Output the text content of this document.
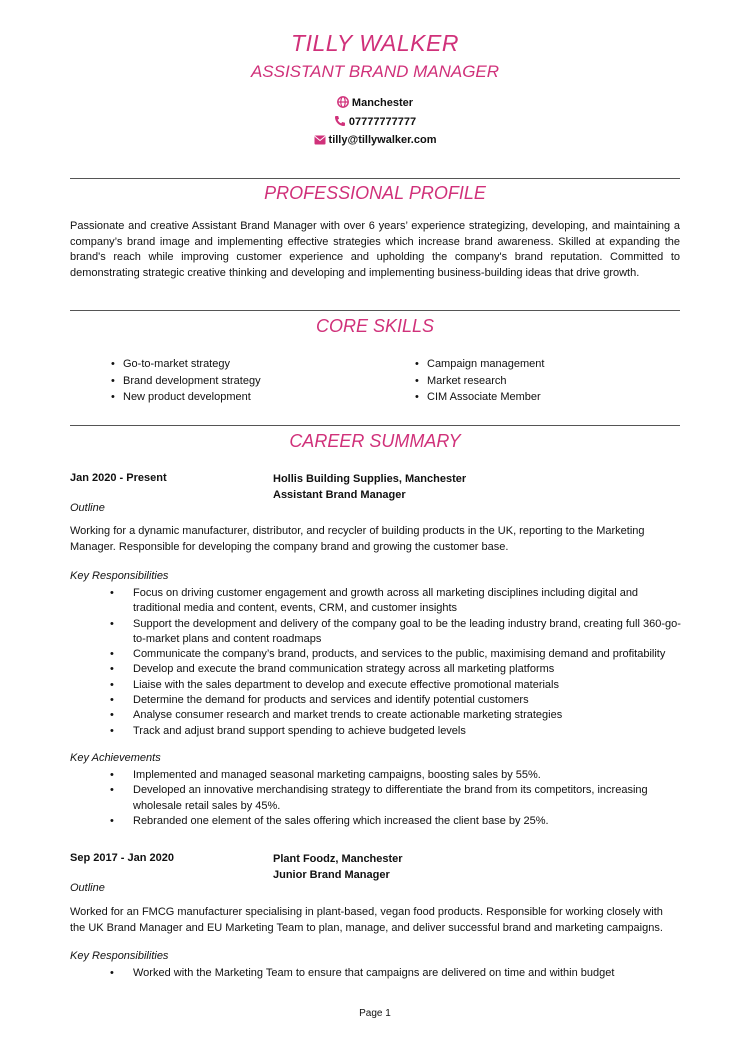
TILLY WALKER
ASSISTANT BRAND MANAGER
Manchester
07777777777
tilly@tillywalker.com
PROFESSIONAL PROFILE
Passionate and creative Assistant Brand Manager with over 6 years’ experience strategizing, developing, and maintaining a company’s brand image and implementing effective strategies which increase brand awareness. Skilled at expanding the brand's reach while improving customer experience and upholding the company's brand reputation. Committed to demonstrating strategic creative thinking and developing and implementing business-building ideas that drive growth.
CORE SKILLS
• Go-to-market strategy
• Brand development strategy
• New product development
• Campaign management
• Market research
• CIM Associate Member
CAREER SUMMARY
Jan 2020 - Present	Hollis Building Supplies, Manchester
Assistant Brand Manager
Outline
Working for a dynamic manufacturer, distributor, and recycler of building products in the UK, reporting to the Marketing Manager. Responsible for developing the company brand and growing the customer base.
Key Responsibilities
• Focus on driving customer engagement and growth across all marketing disciplines including digital and traditional media and content, events, CRM, and customer insights
• Support the development and delivery of the company goal to be the leading industry brand, creating full 360-go-to-market plans and content roadmaps
• Communicate the company’s brand, products, and services to the public, maximising demand and profitability
• Develop and execute the brand communication strategy across all marketing platforms
• Liaise with the sales department to develop and execute effective promotional materials
• Determine the demand for products and services and identify potential customers
• Analyse consumer research and market trends to create actionable marketing strategies
• Track and adjust brand support spending to achieve budgeted levels
Key Achievements
• Implemented and managed seasonal marketing campaigns, boosting sales by 55%.
• Developed an innovative merchandising strategy to differentiate the brand from its competitors, increasing wholesale retail sales by 45%.
• Rebranded one element of the sales offering which increased the client base by 25%.
Sep 2017 - Jan 2020	Plant Foodz, Manchester
Junior Brand Manager
Outline
Worked for an FMCG manufacturer specialising in plant-based, vegan food products. Responsible for working closely with the UK Brand Manager and EU Marketing Team to plan, manage, and deliver successful brand and marketing campaigns.
Key Responsibilities
• Worked with the Marketing Team to ensure that campaigns are delivered on time and within budget
Page 1
